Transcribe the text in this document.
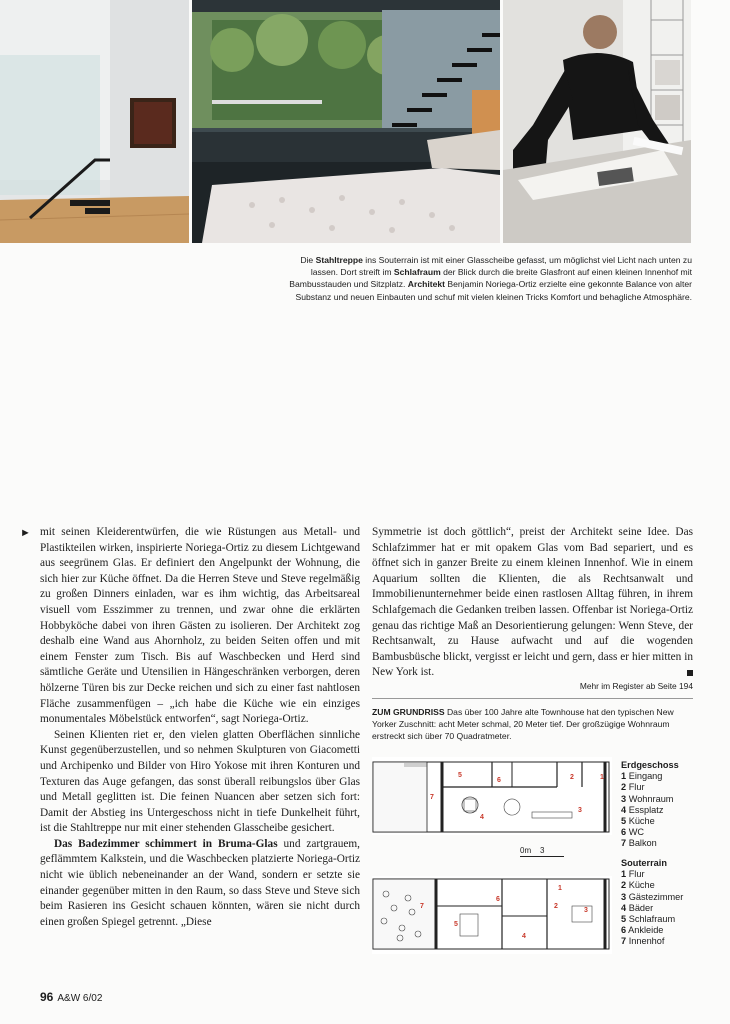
Die Stahltreppe ins Souterrain ist mit einer Glasscheibe gefasst, um möglichst viel Licht nach unten zu lassen. Dort streift im Schlafraum der Blick durch die breite Glasfront auf einen kleinen Innenhof mit Bambusstauden und Sitzplatz. Architekt Benjamin Noriega-Ortiz erzielte eine gekonnte Balance von alter Substanz und neuen Einbauten und schuf mit vielen kleinen Tricks Komfort und behagliche Atmosphäre.
► mit seinen Kleiderentwürfen, die wie Rüstungen aus Metall- und Plastikteilen wirken, inspirierte Noriega-Ortiz zu diesem Lichtgewand aus seegrünem Glas. Er definiert den Angelpunkt der Wohnung, die sich hier zur Küche öffnet. Da die Herren Steve und Steve regelmäßig zu großen Dinners einladen, war es ihm wichtig, das Arbeitsareal visuell vom Esszimmer zu trennen, und zwar ohne die erklärten Hobbyköche dabei von ihren Gästen zu isolieren. Der Architekt zog deshalb eine Wand aus Ahornholz, zu beiden Seiten offen und mit einem Fenster zum Tisch. Bis auf Waschbecken und Herd sind sämtliche Geräte und Utensilien in Hängeschränken verborgen, deren hölzerne Türen bis zur Decke reichen und sich zu einer fast nahtlosen Fläche zusammenfügen – „ich habe die Küche wie ein einziges monumentales Möbelstück entworfen“, sagt Noriega-Ortiz.

Seinen Klienten riet er, den vielen glatten Oberflächen sinnliche Kunst gegenüberzustellen, und so nehmen Skulpturen von Giacometti und Archipenko und Bilder von Hiro Yokose mit ihren Konturen und Texturen das Auge gefangen, das sonst überall reibungslos über Glas und Metall geglitten ist. Die feinen Nuancen aber setzen sich fort: Damit der Abstieg ins Untergeschoss nicht in tiefe Dunkelheit führt, ist die Stahltreppe nur mit einer stehenden Glasscheibe gesichert.

Das Badezimmer schimmert in Bruma-Glas und zartgrauem, geflämmtem Kalkstein, und die Waschbecken platzierte Noriega-Ortiz nicht wie üblich nebeneinander an der Wand, sondern er setzte sie einander gegenüber mitten in den Raum, so dass Steve und Steve sich beim Rasieren ins Gesicht schauen könnten, wären sie nicht durch einen großen Spiegel getrennt. „Diese

Symmetrie ist doch göttlich“, preist der Architekt seine Idee. Das Schlafzimmer hat er mit opakem Glas vom Bad separiert, und es öffnet sich in ganzer Breite zu einem kleinen Innenhof. Wie in einem Aquarium sollten die Klienten, die als Rechtsanwalt und Immobilienunternehmer beide einen rastlosen Alltag führen, in ihrem Schlafgemach die Gedanken treiben lassen. Offenbar ist Noriega-Ortiz genau das richtige Maß an Desorientierung gelungen: Wenn Steve, der Rechtsanwalt, zu Hause aufwacht und auf die wogenden Bambusbüsche blickt, vergisst er leicht und gern, dass er hier mitten in New York ist.

Mehr im Register ab Seite 194
ZUM GRUNDRISS Das über 100 Jahre alte Townhouse hat den typischen New Yorker Zuschnitt: acht Meter schmal, 20 Meter tief. Der großzügige Wohnraum erstreckt sich über 70 Quadratmeter.
1
2
3
4
5
6
7
0m 3
1
2
3
4
5
6
7
Erdgeschoss
1 Eingang
2 Flur
3 Wohnraum
4 Essplatz
5 Küche
6 WC
7 Balkon
Souterrain
1 Flur
2 Küche
3 Gästezimmer
4 Bäder
5 Schlafraum
6 Ankleide
7 Innenhof
96 A&W 6/02
